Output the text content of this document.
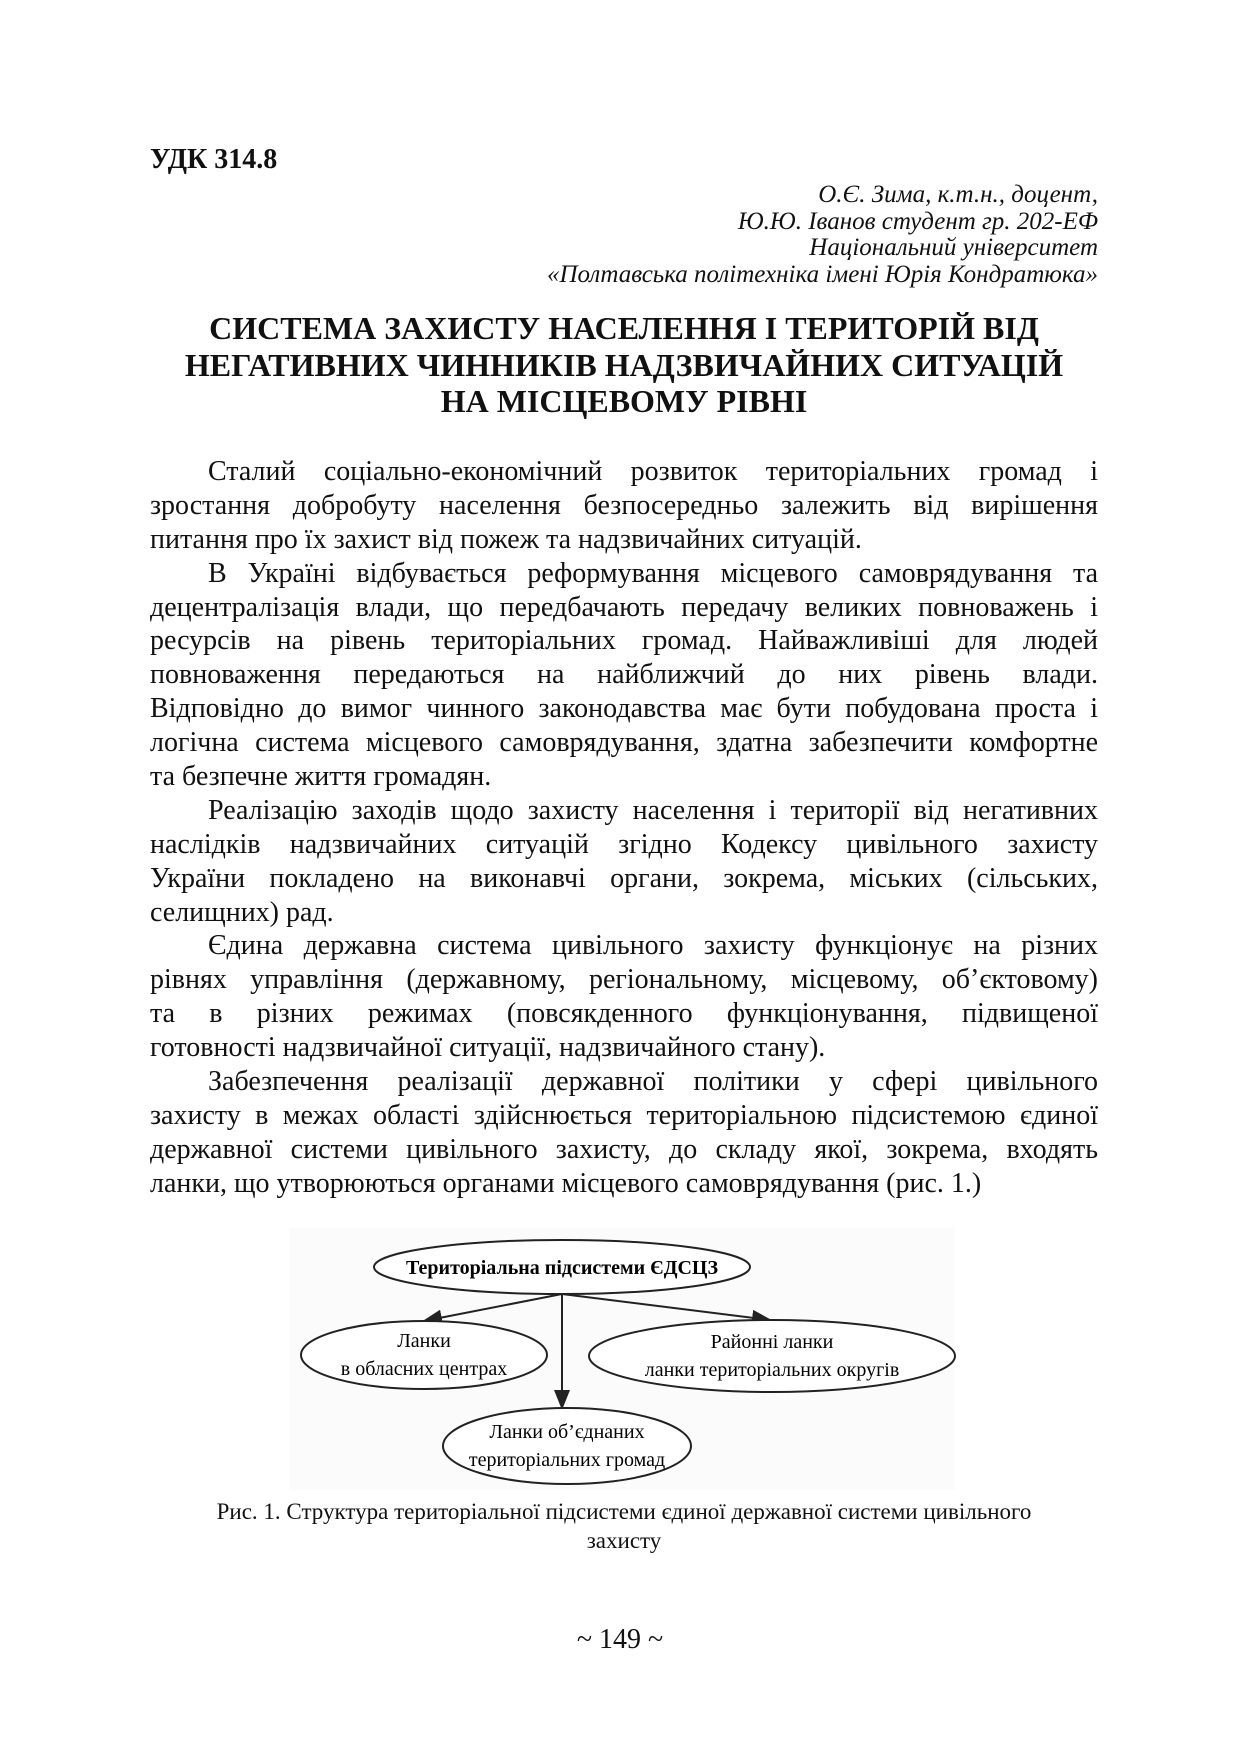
УДК 314.8
О.Є. Зима, к.т.н., доцент,
Ю.Ю. Іванов студент гр. 202-ЕФ
Національний університет
«Полтавська політехніка імені Юрія Кондратюка»
СИСТЕМА ЗАХИСТУ НАСЕЛЕННЯ І ТЕРИТОРІЙ ВІД
НЕГАТИВНИХ ЧИННИКІВ НАДЗВИЧАЙНИХ СИТУАЦІЙ
НА МІСЦЕВОМУ РІВНІ
Сталий соціально-економічний розвиток територіальних громад і
зростання добробуту населення безпосередньо залежить від вирішення
питання про їх захист від пожеж та надзвичайних ситуацій.
В Україні відбувається реформування місцевого самоврядування та
децентралізація влади, що передбачають передачу великих повноважень і
ресурсів на рівень територіальних громад. Найважливіші для людей
повноваження передаються на найближчий до них рівень влади.
Відповідно до вимог чинного законодавства має бути побудована проста і
логічна система місцевого самоврядування, здатна забезпечити комфортне
та безпечне життя громадян.
Реалізацію заходів щодо захисту населення і території від негативних
наслідків надзвичайних ситуацій згідно Кодексу цивільного захисту
України покладено на виконавчі органи, зокрема, міських (сільських,
селищних) рад.
Єдина державна система цивільного захисту функціонує на різних
рівнях управління (державному, регіональному, місцевому, об’єктовому)
та в різних режимах (повсякденного функціонування, підвищеної
готовності надзвичайної ситуації, надзвичайного стану).
Забезпечення реалізації державної політики у сфері цивільного
захисту в межах області здійснюється територіальною підсистемою єдиної
державної системи цивільного захисту, до складу якої, зокрема, входять
ланки, що утворюються органами місцевого самоврядування (рис. 1.)
Територіальна підсистеми ЄДСЦЗ
Ланки
в обласних центрах
Районні ланки
ланки територіальних округів
Ланки об’єднаних
територіальних громад
Рис. 1. Структура територіальної підсистеми єдиної державної системи цивільного
захисту
~ 149 ~
